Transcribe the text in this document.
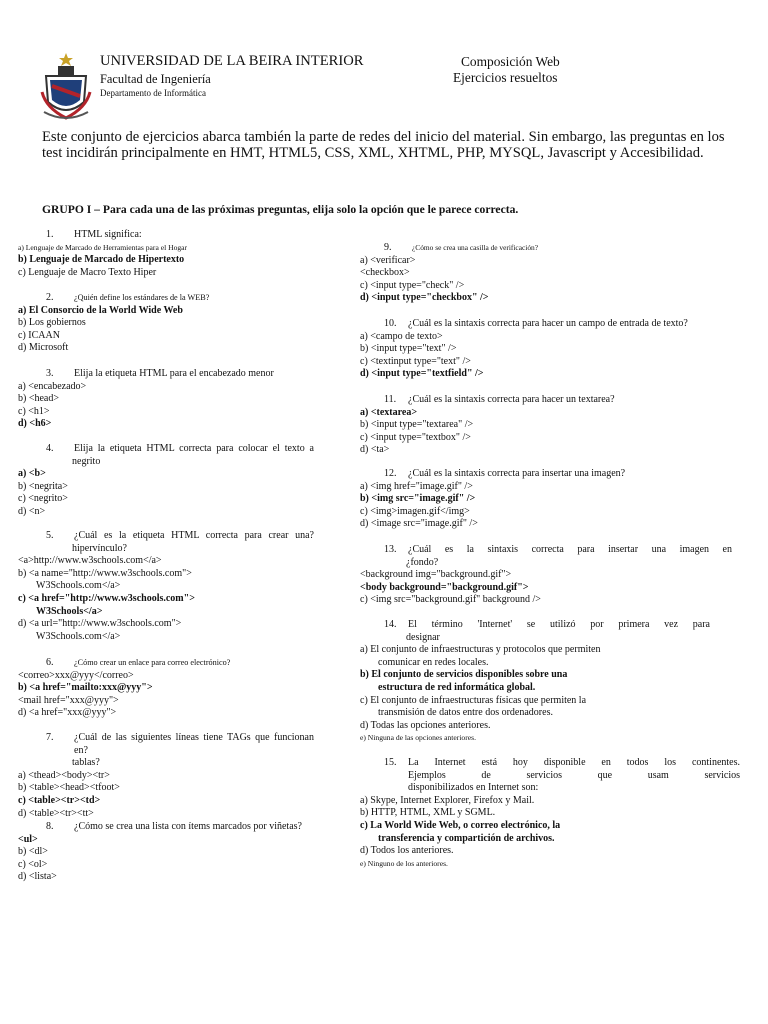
UNIVERSIDAD DE LA BEIRA INTERIOR
Facultad de Ingeniería
Departamento de Informática
Composición Web
Ejercicios resueltos
Este conjunto de ejercicios abarca también la parte de redes del inicio del material. Sin embargo, las preguntas en los test incidirán principalmente en HMT, HTML5, CSS, XML, XHTML, PHP, MYSQL, Javascript y Accesibilidad.
GRUPO I – Para cada una de las próximas preguntas, elija solo la opción que le parece correcta.
HTML significa:
1.
a) Lenguaje de Marcado de Herramientas para el Hogar
b) Lenguaje de Marcado de Hipertexto
c) Lenguaje de Macro Texto Hiper
¿Quién define los estándares de la WEB?
2.
a) El Consorcio de la World Wide Web
b) Los gobiernos
c) ICAAN
d) Microsoft
Elija la etiqueta HTML para el encabezado menor
3.
a) <encabezado>
b) <head>
c) <h1>
d) <h6>
Elija la etiqueta HTML correcta para colocar el texto a
negrito
4.
a) <b>
b) <negrita>
c) <negrito>
d) <n>
¿Cuál es la etiqueta HTML correcta para crear una?
hipervínculo?
5.
<a>http://www.w3schools.com</a>
b) <a name="http://www.w3schools.com">
W3Schools.com</a>
c) <a href="http://www.w3schools.com">
W3Schools</a>
d) <a url="http://www.w3schools.com">
W3Schools.com</a>
¿Cómo crear un enlace para correo electrónico?
6.
<correo>xxx@yyy</correo>
b) <a href="mailto:xxx@yyy">
<mail href="xxx@yyy">
d) <a href="xxx@yyy">
¿Cuál de las siguientes líneas tiene TAGs que funcionan en?
tablas?
7.
a) <thead><body><tr>
b) <table><head><tfoot>
c) <table><tr><td>
d) <table><tr><tt>
¿Cómo se crea una lista con ítems marcados por viñetas?
8.
<ul>
b) <dl>
c) <ol>
d) <lista>
¿Cómo se crea una casilla de verificación?
9.
a) <verificar>
<checkbox>
c) <input type="check" />
d) <input type="checkbox" />
¿Cuál es la sintaxis correcta para hacer un campo de entrada de texto?
10.
a) <campo de texto>
b) <input type="text" />
c) <textinput type="text" />
d) <input type="textfield" />
¿Cuál es la sintaxis correcta para hacer un textarea?
11.
a) <textarea>
b) <input type="textarea" />
c) <input type="textbox" />
d) <ta>
¿Cuál es la sintaxis correcta para insertar una imagen?
12.
a) <img href="image.gif" />
b) <img src="image.gif" />
c) <img>imagen.gif</img>
d) <image src="image.gif" />
¿Cuál es la sintaxis correcta para insertar una imagen en
¿fondo?
13.
<background img="background.gif">
<body background="background.gif">
c) <img src="background.gif" background />
El término 'Internet' se utilizó por primera vez para
designar
14.
a) El conjunto de infraestructuras y protocolos que permiten
comunicar en redes locales.
b) El conjunto de servicios disponibles sobre una
estructura de red informática global.
c) El conjunto de infraestructuras físicas que permiten la
transmisión de datos entre dos ordenadores.
d) Todas las opciones anteriores.
e) Ninguna de las opciones anteriores.
La Internet está hoy disponible en todos los continentes.
Ejemplos de servicios que usam servicios
disponibilizados en Internet son:
15.
a) Skype, Internet Explorer, Firefox y Mail.
b) HTTP, HTML, XML y SGML.
c) La World Wide Web, o correo electrónico, la
transferencia y compartición de archivos.
d) Todos los anteriores.
e) Ninguno de los anteriores.
